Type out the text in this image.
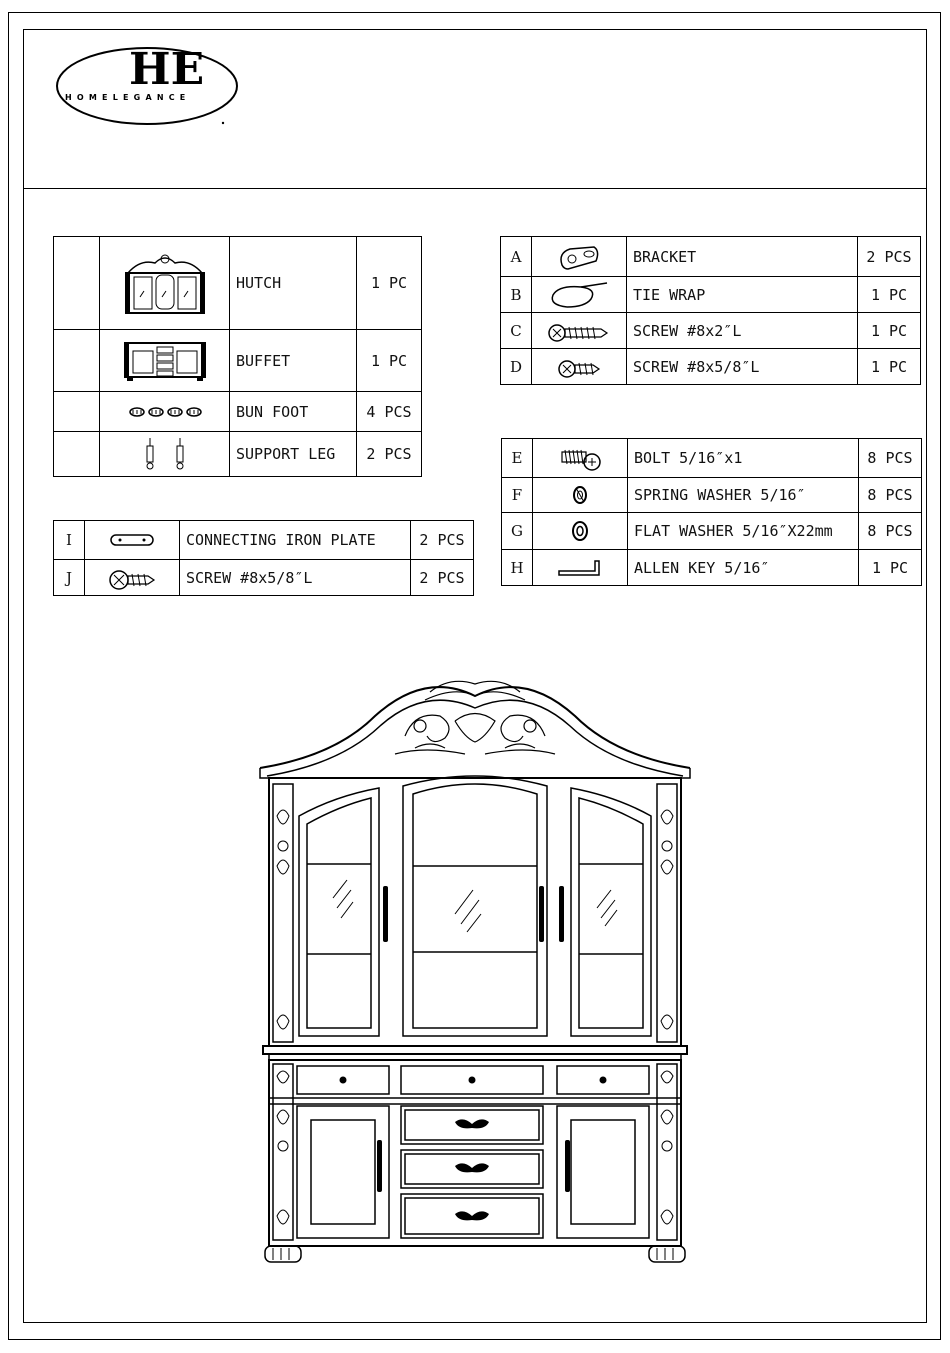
HE
HOMELEGANCE

	HUTCH	1 PC

	BUFFET	1 PC

	BUN FOOT	4 PCS

	SUPPORT LEG	2 PCS
A		BRACKET	2 PCS
B		TIE WRAP	1 PC
C		SCREW #8x2″L	1 PC
D		SCREW #8x5/8″L	1 PC
E		BOLT 5/16″x1	8 PCS
F		SPRING WASHER 5/16″	8 PCS
G		FLAT WASHER 5/16″X22mm	8 PCS
H		ALLEN KEY 5/16″	1 PC
I		CONNECTING IRON PLATE	2 PCS
J		SCREW #8x5/8″L	2 PCS
